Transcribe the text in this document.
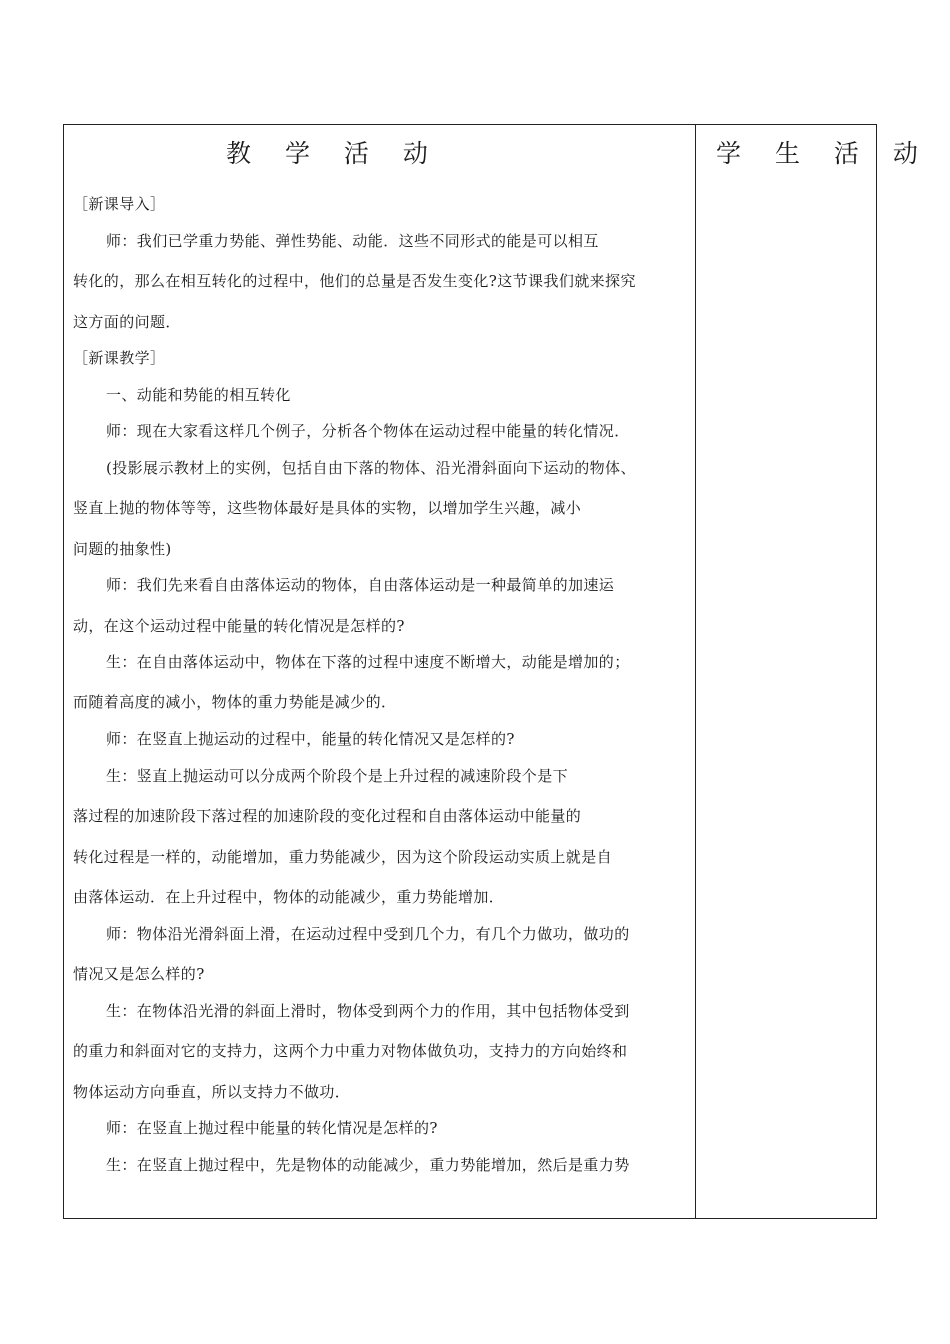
教 学 活 动	学 生 活 动
［新课导入］
师：我们已学重力势能、弹性势能、动能．这些不同形式的能是可以相互
转化的，那么在相互转化的过程中，他们的总量是否发生变化?这节课我们就来探究
这方面的问题．
［新课教学］
一、动能和势能的相互转化
师：现在大家看这样几个例子，分析各个物体在运动过程中能量的转化情况．
(投影展示教材上的实例，包括自由下落的物体、沿光滑斜面向下运动的物体、
竖直上抛的物体等等，这些物体最好是具体的实物，以增加学生兴趣，减小
问题的抽象性)
师：我们先来看自由落体运动的物体，自由落体运动是一种最简单的加速运
动，在这个运动过程中能量的转化情况是怎样的?
生：在自由落体运动中，物体在下落的过程中速度不断增大，动能是增加的；
而随着高度的减小，物体的重力势能是减少的．
师：在竖直上抛运动的过程中，能量的转化情况又是怎样的?
生：竖直上抛运动可以分成两个阶段个是上升过程的减速阶段个是下
落过程的加速阶段下落过程的加速阶段的变化过程和自由落体运动中能量的
转化过程是一样的，动能增加，重力势能减少，因为这个阶段运动实质上就是自
由落体运动．在上升过程中，物体的动能减少，重力势能增加．
师：物体沿光滑斜面上滑，在运动过程中受到几个力，有几个力做功，做功的
情况又是怎么样的?
生：在物体沿光滑的斜面上滑时，物体受到两个力的作用，其中包括物体受到
的重力和斜面对它的支持力，这两个力中重力对物体做负功，支持力的方向始终和
物体运动方向垂直，所以支持力不做功．
师：在竖直上抛过程中能量的转化情况是怎样的?
生：在竖直上抛过程中，先是物体的动能减少，重力势能增加，然后是重力势
